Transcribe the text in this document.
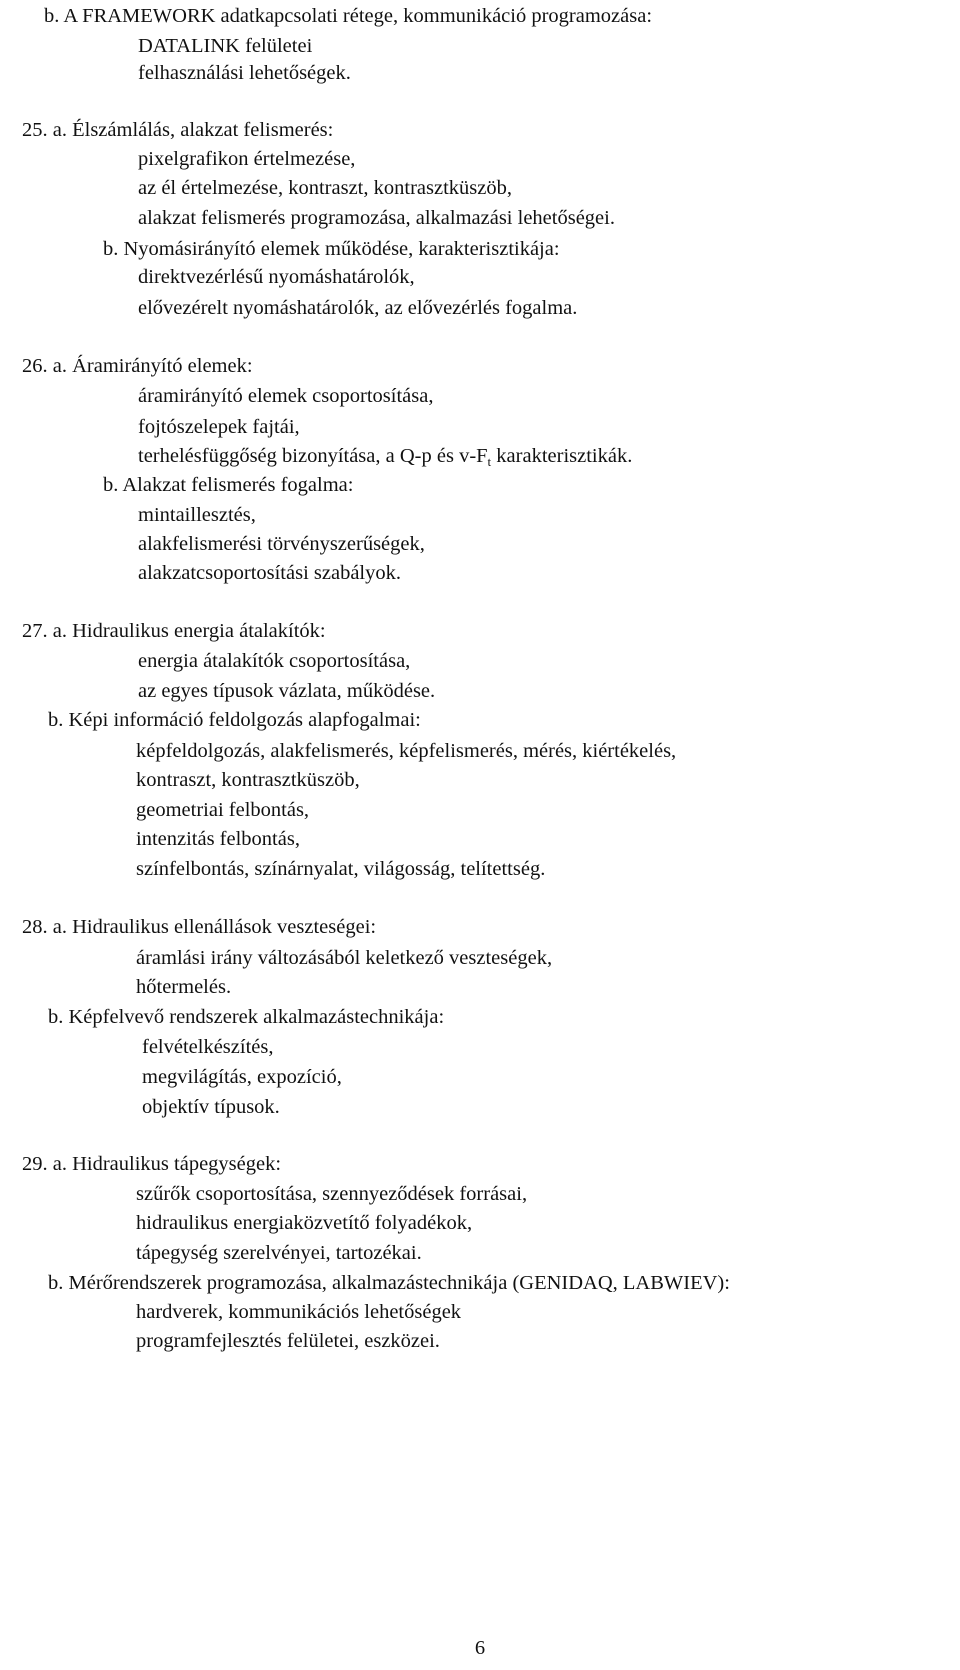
b. A FRAMEWORK adatkapcsolati rétege, kommunikáció programozása:
DATALINK felületei
felhasználási lehetőségek.
25. a. Élszámlálás, alakzat felismerés:
pixelgrafikon értelmezése,
az él értelmezése, kontraszt, kontrasztküszöb,
alakzat felismerés programozása, alkalmazási lehetőségei.
b. Nyomásirányító elemek működése, karakterisztikája:
direktvezérlésű nyomáshatárolók,
elővezérelt nyomáshatárolók, az elővezérlés fogalma.
26. a. Áramirányító elemek:
áramirányító elemek csoportosítása,
fojtószelepek fajtái,
terhelésfüggőség bizonyítása, a Q-p és $v-F_t$ karakterisztikák.
b. Alakzat felismerés fogalma:
mintaillesztés,
alakfelismerési törvényszerűségek,
alakzatcsoportosítási szabályok.
27. a. Hidraulikus energia átalakítók:
energia átalakítók csoportosítása,
az egyes típusok vázlata, működése.
b. Képi információ feldolgozás alapfogalmai:
képfeldolgozás, alakfelismerés, képfelismerés, mérés, kiértékelés,
kontraszt, kontrasztküszöb,
geometriai felbontás,
intenzitás felbontás,
színfelbontás, színárnyalat, világosság, telítettség.
28. a. Hidraulikus ellenállások veszteségei:
áramlási irány változásából keletkező veszteségek,
hőtermelés.
b. Képfelvevő rendszerek alkalmazástechnikája:
felvételkészítés,
megvilágítás, expozíció,
objektív típusok.
29. a. Hidraulikus tápegységek:
szűrők csoportosítása, szennyeződések forrásai,
hidraulikus energiaközvetítő folyadékok,
tápegység szerelvényei, tartozékai.
b. Mérőrendszerek programozása, alkalmazástechnikája (GENIDAQ, LABWIEV):
hardverek, kommunikációs lehetőségek
programfejlesztés felületei, eszközei.
6
